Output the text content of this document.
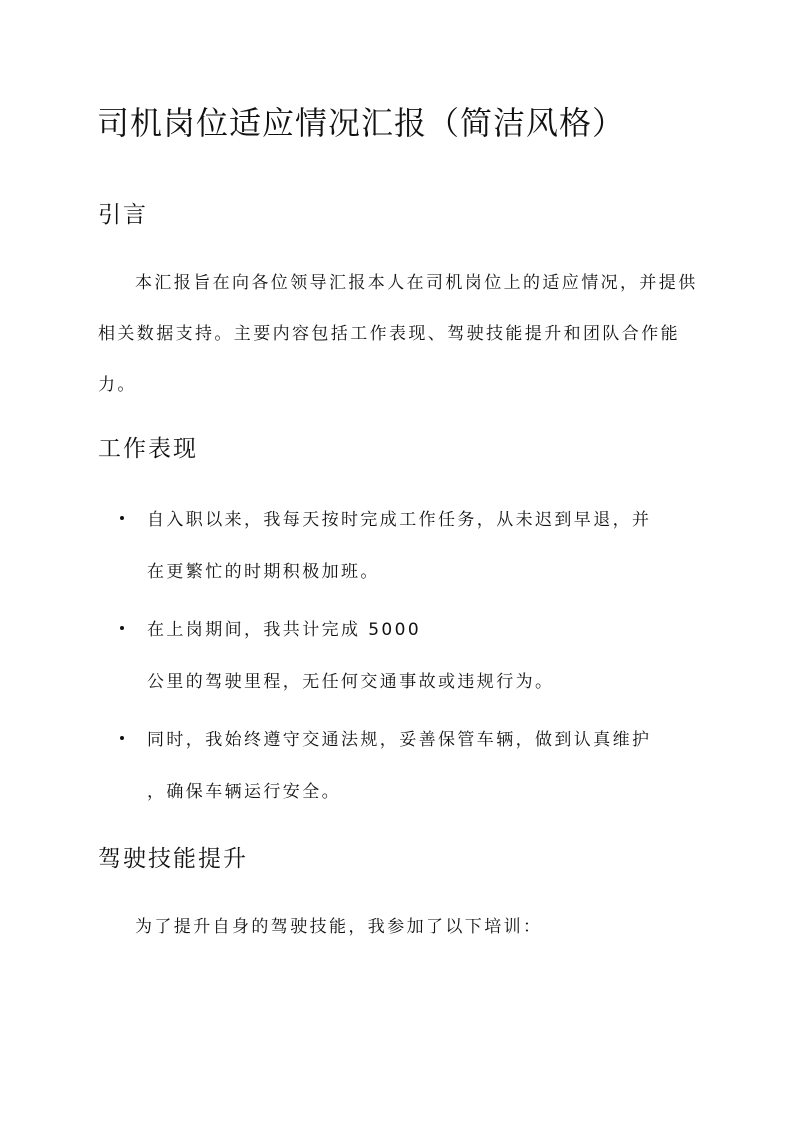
司机岗位适应情况汇报（简洁风格）
引言

本汇报旨在向各位领导汇报本人在司机岗位上的适应情况，并提供相关数据支持。主要内容包括工作表现、驾驶技能提升和团队合作能力。

工作表现

自入职以来，我每天按时完成工作任务，从未迟到早退，并
在更繁忙的时期积极加班。

在上岗期间，我共计完成 5000
公里的驾驶里程，无任何交通事故或违规行为。

同时，我始终遵守交通法规，妥善保管车辆，做到认真维护
，确保车辆运行安全。

驾驶技能提升

为了提升自身的驾驶技能，我参加了以下培训：
